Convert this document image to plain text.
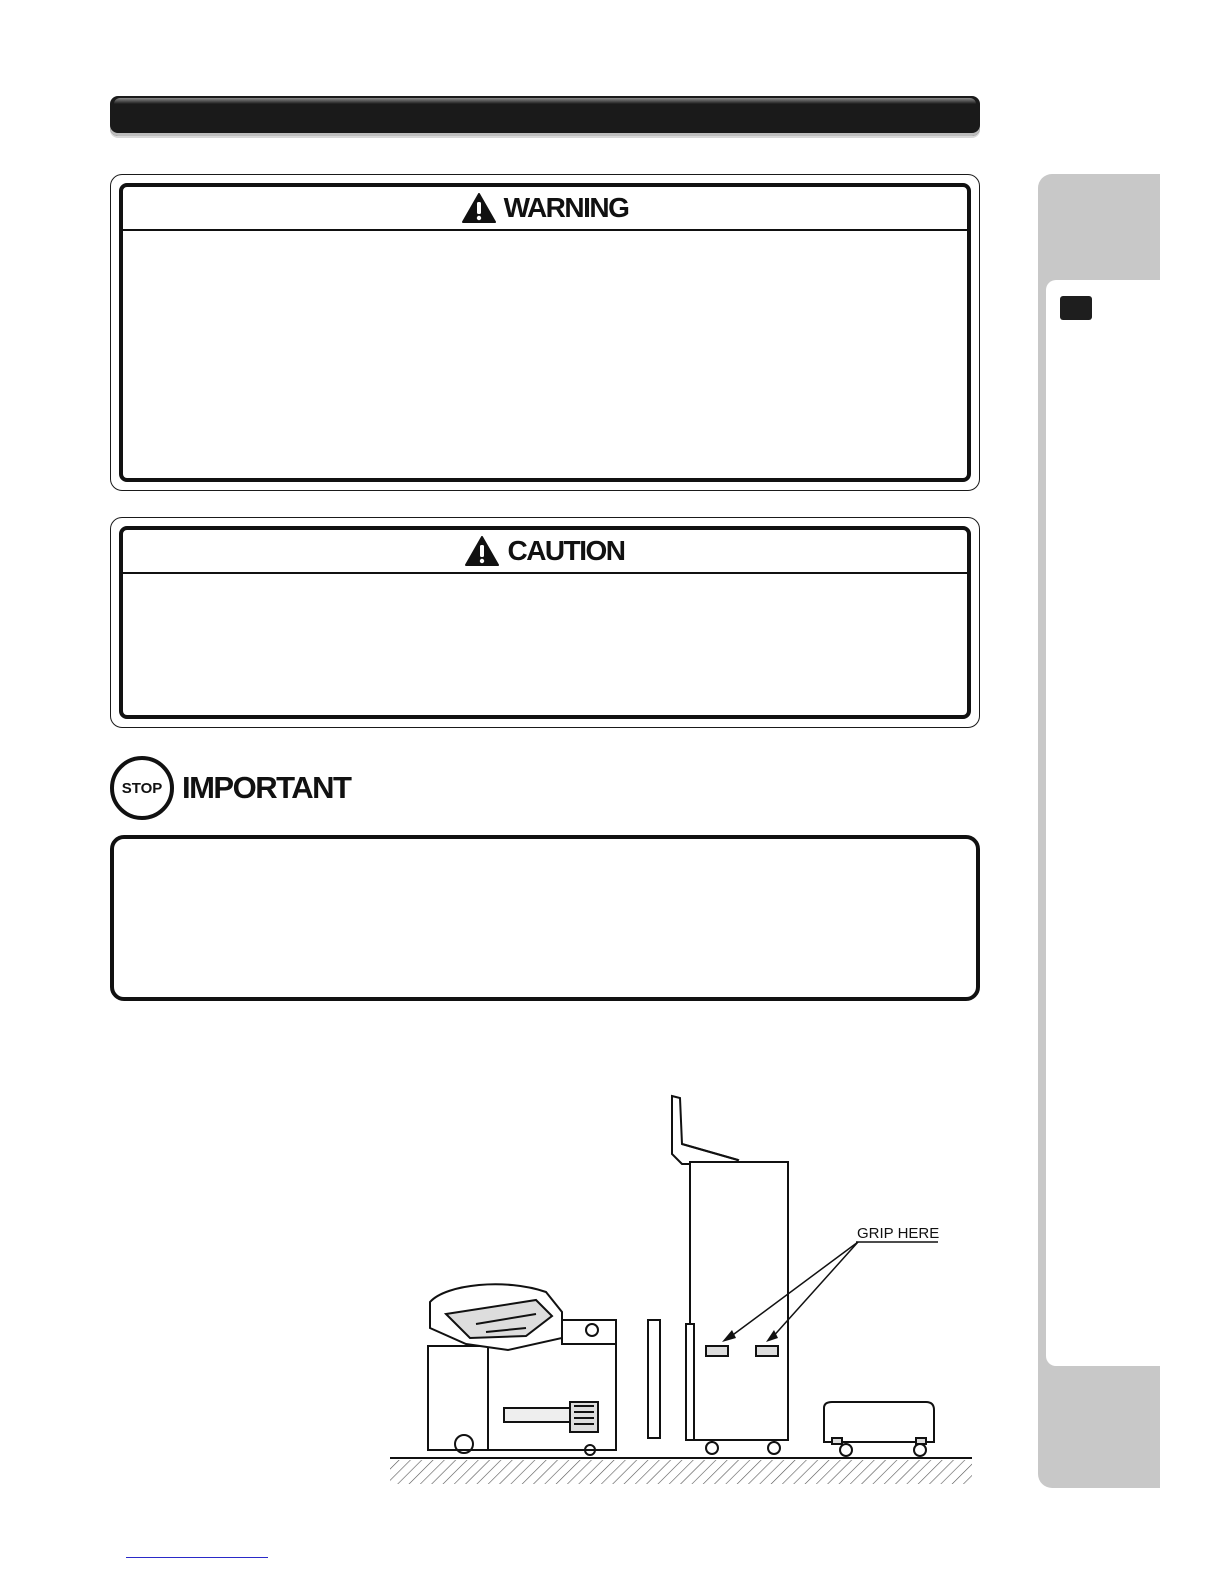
WARNING
CAUTION
STOP IMPORTANT
GRIP HERE
